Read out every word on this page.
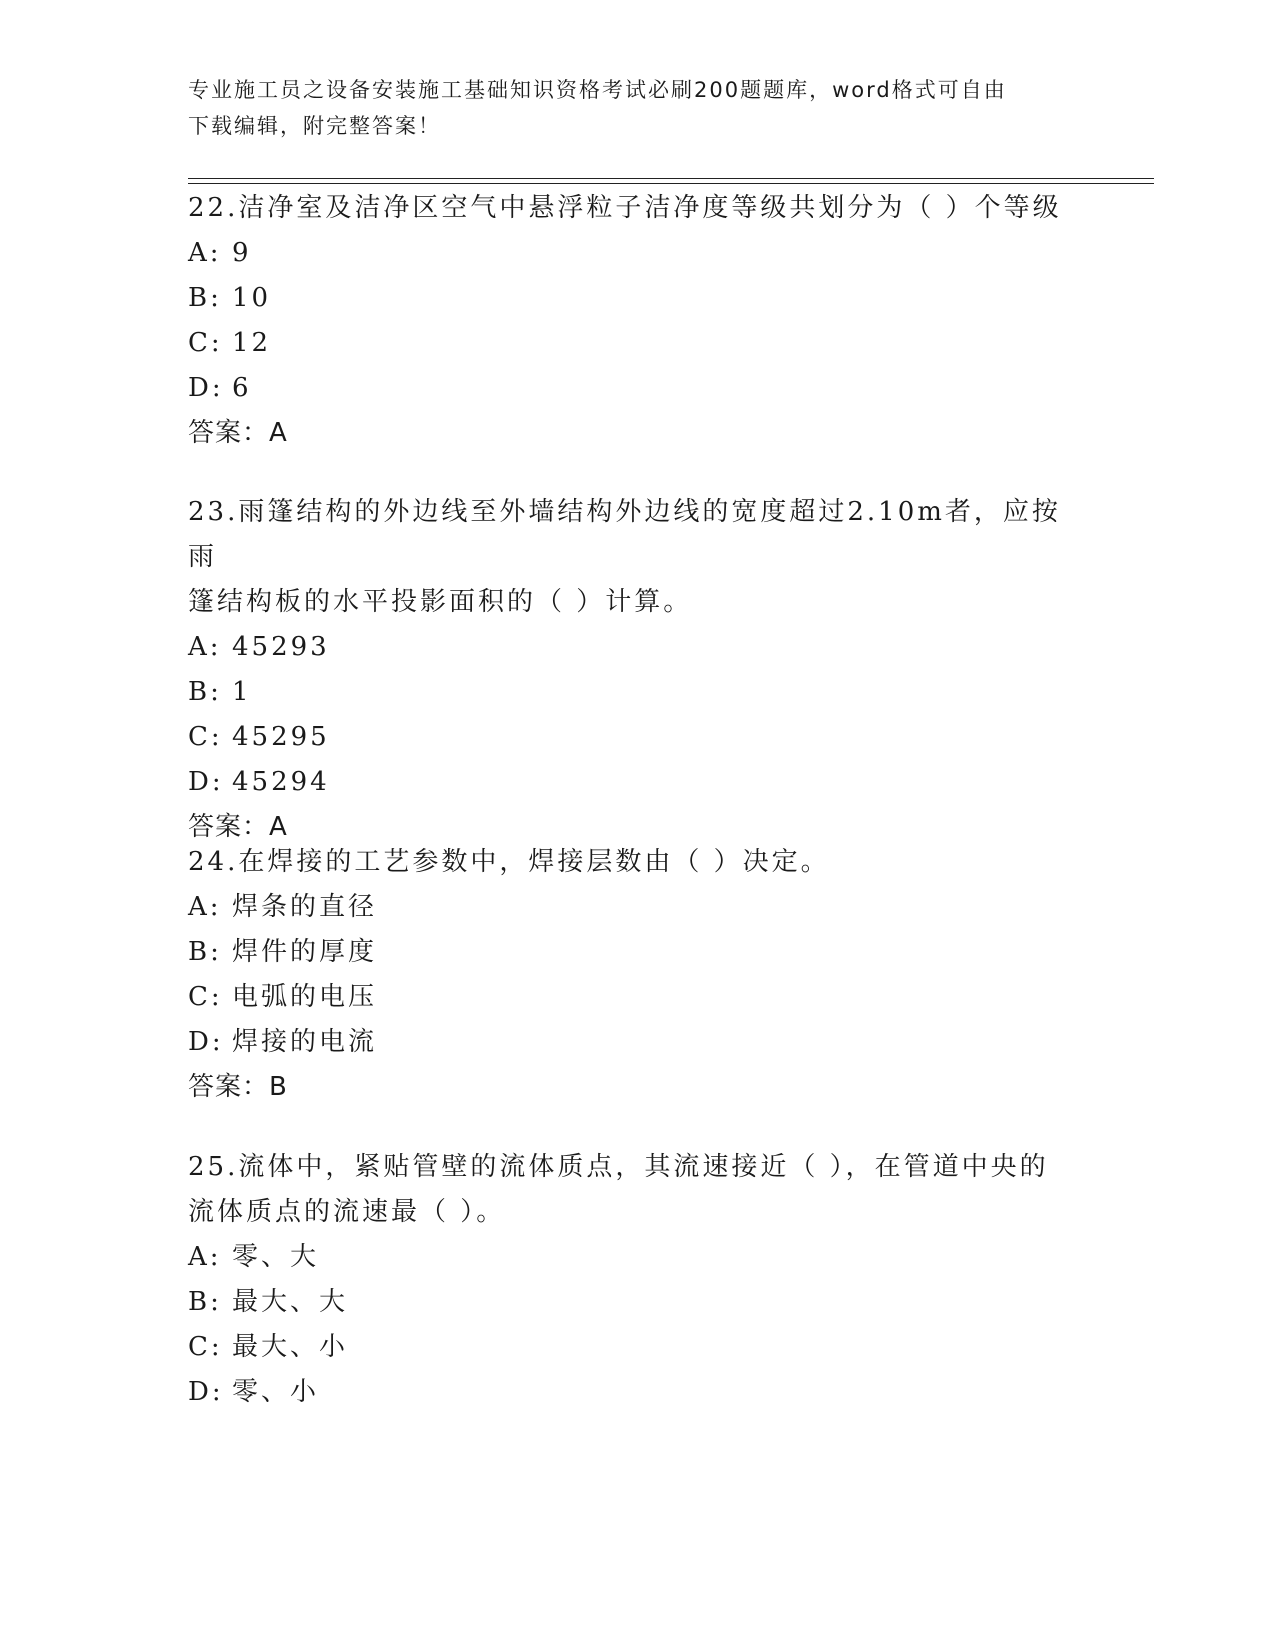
专业施工员之设备安装施工基础知识资格考试必刷200题题库，word格式可自由
下载编辑，附完整答案！

22.洁净室及洁净区空气中悬浮粒子洁净度等级共划分为（ ）个等级

A: 9

B: 10

C: 12

D: 6

答案：A

23.雨篷结构的外边线至外墙结构外边线的宽度超过2.10m者，应按雨

篷结构板的水平投影面积的（ ）计算。

A: 45293

B: 1

C: 45295

D: 45294

答案：A

24.在焊接的工艺参数中，焊接层数由（ ）决定。

A: 焊条的直径

B: 焊件的厚度

C: 电弧的电压

D: 焊接的电流

答案：B

25.流体中，紧贴管壁的流体质点，其流速接近（ ），在管道中央的

流体质点的流速最（ ）。

A: 零、大

B: 最大、大

C: 最大、小

D: 零、小
